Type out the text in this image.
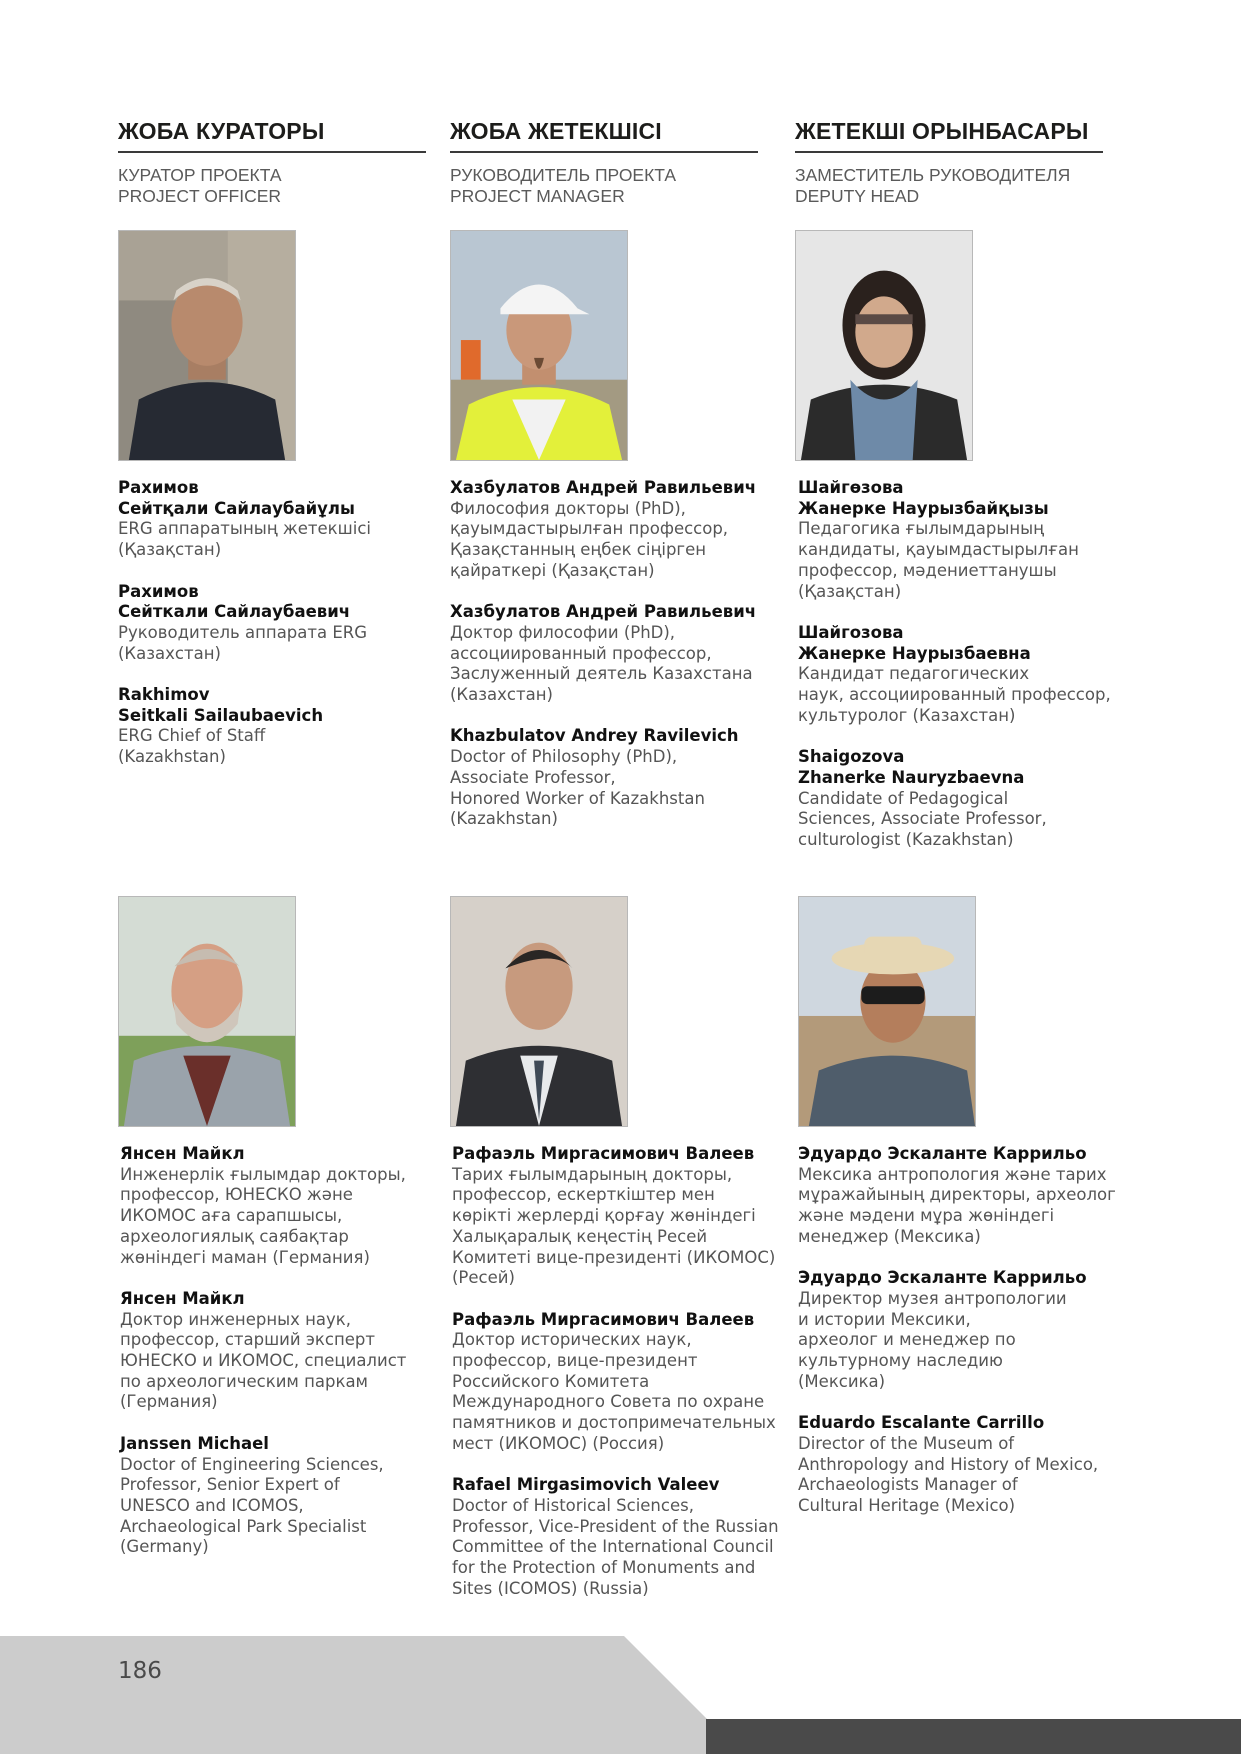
ЖОБА КУРАТОРЫ
КУРАТОР ПРОЕКТА
PROJECT OFFICER
ЖОБА ЖЕТЕКШІСІ
РУКОВОДИТЕЛЬ ПРОЕКТА
PROJECT MANAGER
ЖЕТЕКШІ ОРЫНБАСАРЫ
ЗАМЕСТИТЕЛЬ РУКОВОДИТЕЛЯ
DEPUTY HEAD
Рахимов
Сейтқали Сайлаубайұлы
ERG аппаратының жетекшісі
(Қазақстан)
Рахимов
Сейткали Сайлаубаевич
Руководитель аппарата ERG
(Казахстан)
Rakhimov
Seitkali Sailaubaevich
ERG Chief of Staff
(Kazakhstan)
Хазбулатов Андрей Равильевич
Философия докторы (PhD),
қауымдастырылған профессор,
Қазақстанның еңбек сіңірген
қайраткері (Қазақстан)
Хазбулатов Андрей Равильевич
Доктор философии (PhD),
ассоциированный профессор,
Заслуженный деятель Казахстана
(Казахстан)
Khazbulatov Andrey Ravilevich
Doctor of Philosophy (PhD),
Associate Professor,
Honored Worker of Kazakhstan
(Kazakhstan)
Шайгөзова
Жанерке Наурызбайқызы
Педагогика ғылымдарының
кандидаты, қауымдастырылған
профессор, мәдениеттанушы
(Қазақстан)
Шайгозова
Жанерке Наурызбаевна
Кандидат педагогических
наук, ассоциированный профессор,
культуролог (Казахстан)
Shaigozova
Zhanerke Nauryzbaevna
Candidate of Pedagogical
Sciences, Associate Professor,
culturologist (Kazakhstan)
Янсен Майкл
Инженерлік ғылымдар докторы,
профессор, ЮНЕСКО және
ИКОМОС аға сарапшысы,
археологиялық саябақтар
жөніндегі маман (Германия)
Янсен Майкл
Доктор инженерных наук,
профессор, старший эксперт
ЮНЕСКО и ИКОМОС, специалист
по археологическим паркам
(Германия)
Janssen Michael
Doctor of Engineering Sciences,
Professor, Senior Expert of
UNESCO and ICOMOS,
Archaeological Park Specialist
(Germany)
Рафаэль Миргасимович Валеев
Тарих ғылымдарының докторы,
профессор, ескерткіштер мен
көрікті жерлерді қорғау жөніндегі
Халықаралық кеңестің Ресей
Комитеті вице-президенті (ИКОМОС)
(Ресей)
Рафаэль Миргасимович Валеев
Доктор исторических наук,
профессор, вице-президент
Российского Комитета
Международного Совета по охране
памятников и достопримечательных
мест (ИКОМОС) (Россия)
Rafael Mirgasimovich Valeev
Doctor of Historical Sciences,
Professor, Vice-President of the Russian
Committee of the International Council
for the Protection of Monuments and
Sites (ICOMOS) (Russia)
Эдуардо Эскаланте Каррильо
Мексика антропология және тарих
мұражайының директоры, археолог
және мәдени мұра жөніндегі
менеджер (Мексика)
Эдуардо Эскаланте Каррильо
Директор музея антропологии
и истории Мексики,
археолог и менеджер по
культурному наследию
(Мексика)
Eduardo Escalante Carrillo
Director of the Museum of
Anthropology and History of Mexico,
Archaeologists Manager of
Cultural Heritage (Mexico)
186
